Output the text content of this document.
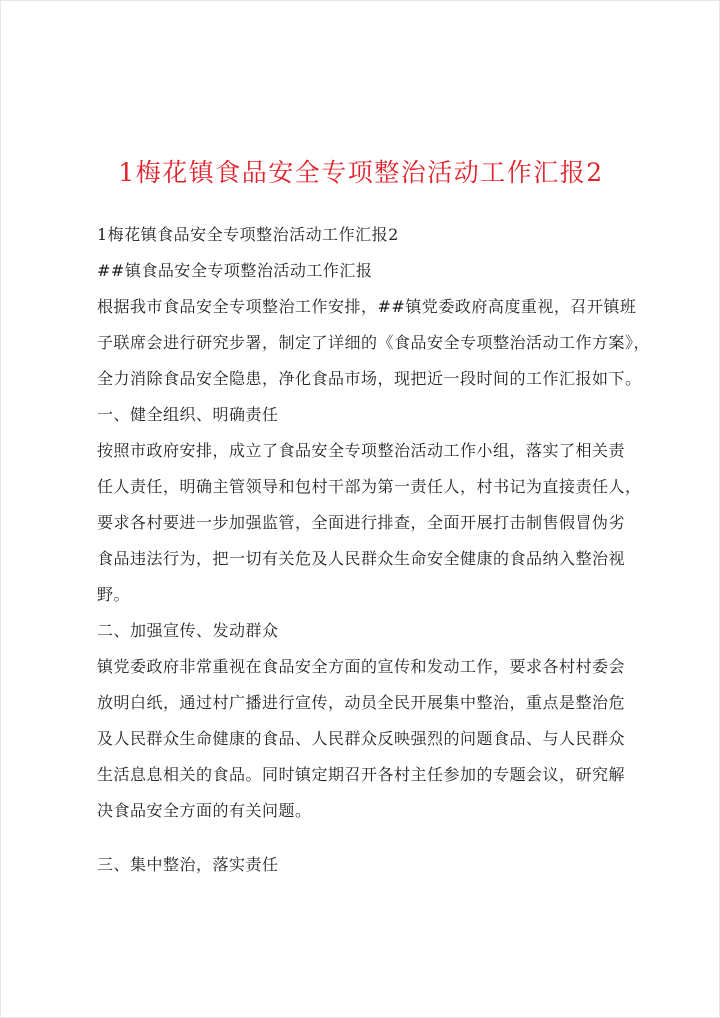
1梅花镇食品安全专项整治活动工作汇报2
1梅花镇食品安全专项整治活动工作汇报2
##镇食品安全专项整治活动工作汇报
根据我市食品安全专项整治工作安排，##镇党委政府高度重视，召开镇班
子联席会进行研究步署，制定了详细的《食品安全专项整治活动工作方案》，
全力消除食品安全隐患，净化食品市场，现把近一段时间的工作汇报如下。
一、健全组织、明确责任
按照市政府安排，成立了食品安全专项整治活动工作小组，落实了相关责
任人责任，明确主管领导和包村干部为第一责任人，村书记为直接责任人，
要求各村要进一步加强监管，全面进行排查，全面开展打击制售假冒伪劣
食品违法行为，把一切有关危及人民群众生命安全健康的食品纳入整治视
野。
二、加强宣传、发动群众
镇党委政府非常重视在食品安全方面的宣传和发动工作，要求各村村委会
放明白纸，通过村广播进行宣传，动员全民开展集中整治，重点是整治危
及人民群众生命健康的食品、人民群众反映强烈的问题食品、与人民群众
生活息息相关的食品。同时镇定期召开各村主任参加的专题会议，研究解
决食品安全方面的有关问题。
三、集中整治，落实责任
